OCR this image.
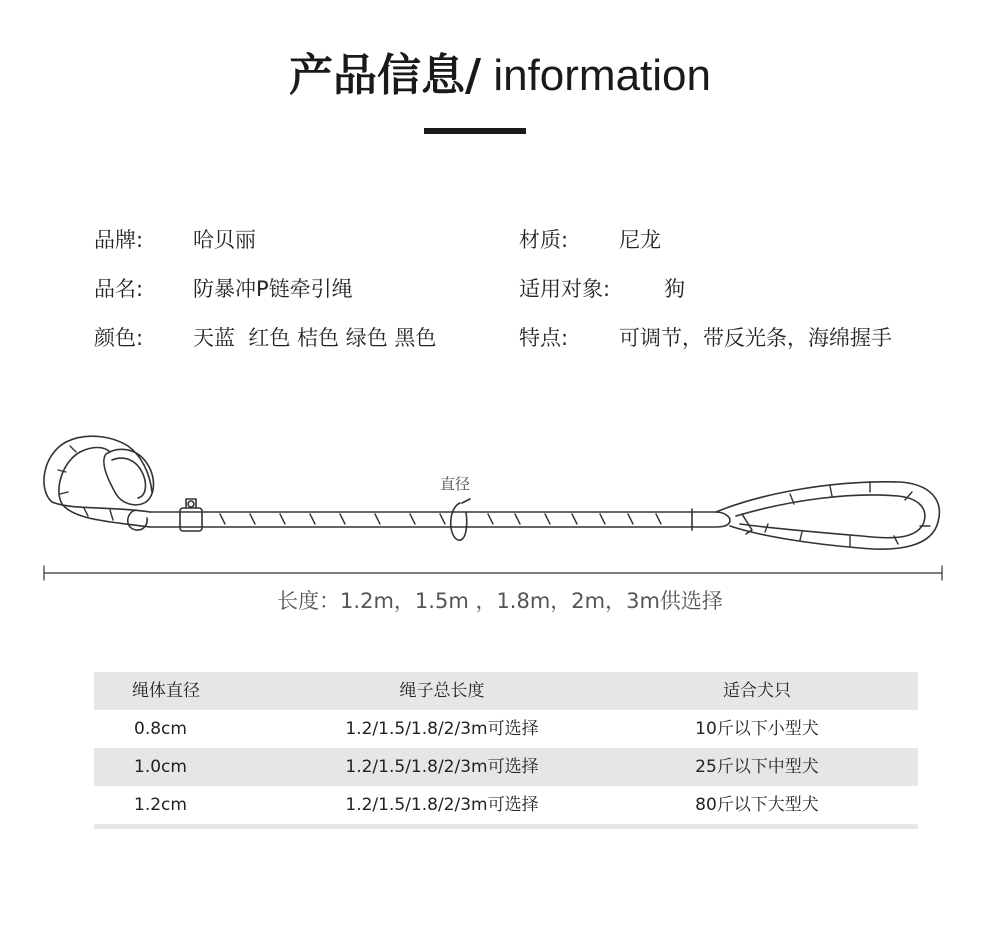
产品信息/ information
品牌: 哈贝丽	材质: 尼龙
品名: 防暴冲P链牵引绳	适用对象:	狗
颜色: 天蓝  红色 桔色 绿色 黑色	特点: 可调节，带反光条，海绵握手
直径
长度：1.2m，1.5m ，1.8m，2m，3m供选择
绳体直径	绳子总长度	适合犬只
0.8cm	1.2/1.5/1.8/2/3m可选择	10斤以下小型犬
1.0cm	1.2/1.5/1.8/2/3m可选择	25斤以下中型犬
1.2cm	1.2/1.5/1.8/2/3m可选择	80斤以下大型犬
